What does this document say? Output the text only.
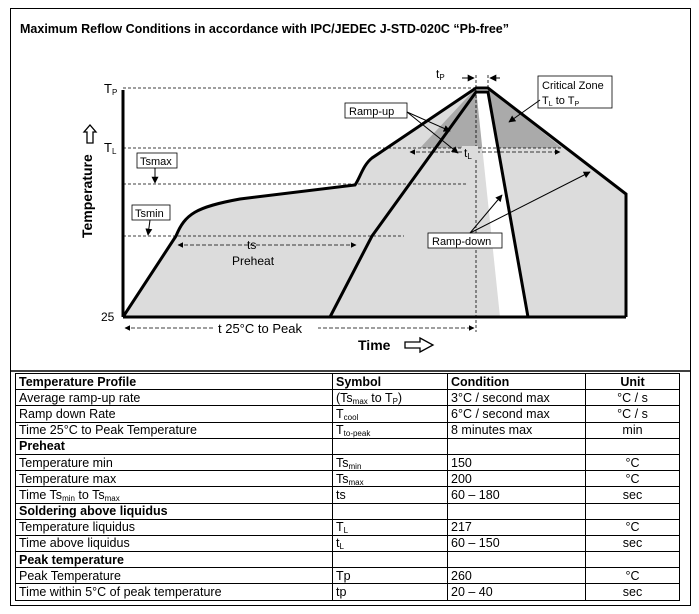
Maximum Reflow Conditions in accordance with IPC/JEDEC J-STD-020C “Pb-free”
TP
TL
25
Temperature	Tsmax
Tsmin
ts
Preheat
t 25°C to Peak
Time
tP
tL
Ramp-up
Critical Zone
TL to TP
Ramp-down
Temperature Profile	Symbol	Condition	Unit
Average ramp-up rate	($Ts_{max}$ to $T_P$)	3°C / second max	°C / s
Ramp down Rate	$T_{cool}$	6°C / second max	°C / s
Time 25°C to Peak Temperature	$T_{to-peak}$	8 minutes max	min
Preheat			
Temperature min	$Ts_{min}$	150	°C
Temperature max	$Ts_{max}$	200	°C
Time $Ts_{min}$ to $Ts_{max}$	ts	60 – 180	sec
Soldering above liquidus			
Temperature liquidus	$T_L$	217	°C
Time above liquidus	$t_L$	60 – 150	sec
Peak temperature			
Peak Temperature	Tp	260	°C
Time within 5°C of peak temperature	tp	20 – 40	sec
